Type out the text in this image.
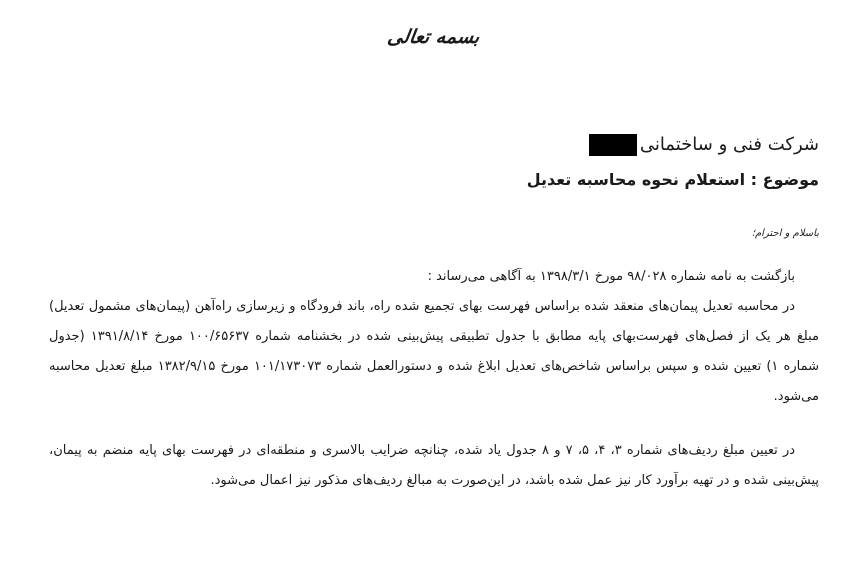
بسمه تعالی
شرکت فنی و ساختمانی
موضوع : استعلام نحوه محاسبه تعدیل
باسلام و احترام؛
بازگشت به نامه شماره ۹۸/۰۲۸ مورخ ۱۳۹۸/۳/۱ به آگاهی می‌رساند :
در محاسبه تعدیل پیمان‌های منعقد شده براساس فهرست بهای تجمیع شده راه، باند فرودگاه و زیرسازی راه‌آهن (پیمان‌های مشمول تعدیل) مبلغ هر یک از فصل‌های فهرست‌بهای پایه مطابق با جدول تطبیقی پیش‌بینی شده در بخشنامه شماره ۱۰۰/۶۵۶۳۷ مورخ ۱۳۹۱/۸/۱۴ (جدول شماره ۱) تعیین شده و سپس براساس شاخص‌های تعدیل ابلاغ شده و دستورالعمل شماره ۱۰۱/۱۷۳۰۷۳ مورخ ۱۳۸۲/۹/۱۵ مبلغ تعدیل محاسبه می‌شود.
در تعیین مبلغ ردیف‌های شماره ۳، ۴، ۵، ۷ و ۸ جدول یاد شده، چنانچه ضرایب بالاسری و منطقه‌ای در فهرست بهای پایه منضم به پیمان، پیش‌بینی شده و در تهیه برآورد کار نیز عمل شده باشد، در این‌صورت به مبالغ ردیف‌های مذکور نیز اعمال می‌شود.
